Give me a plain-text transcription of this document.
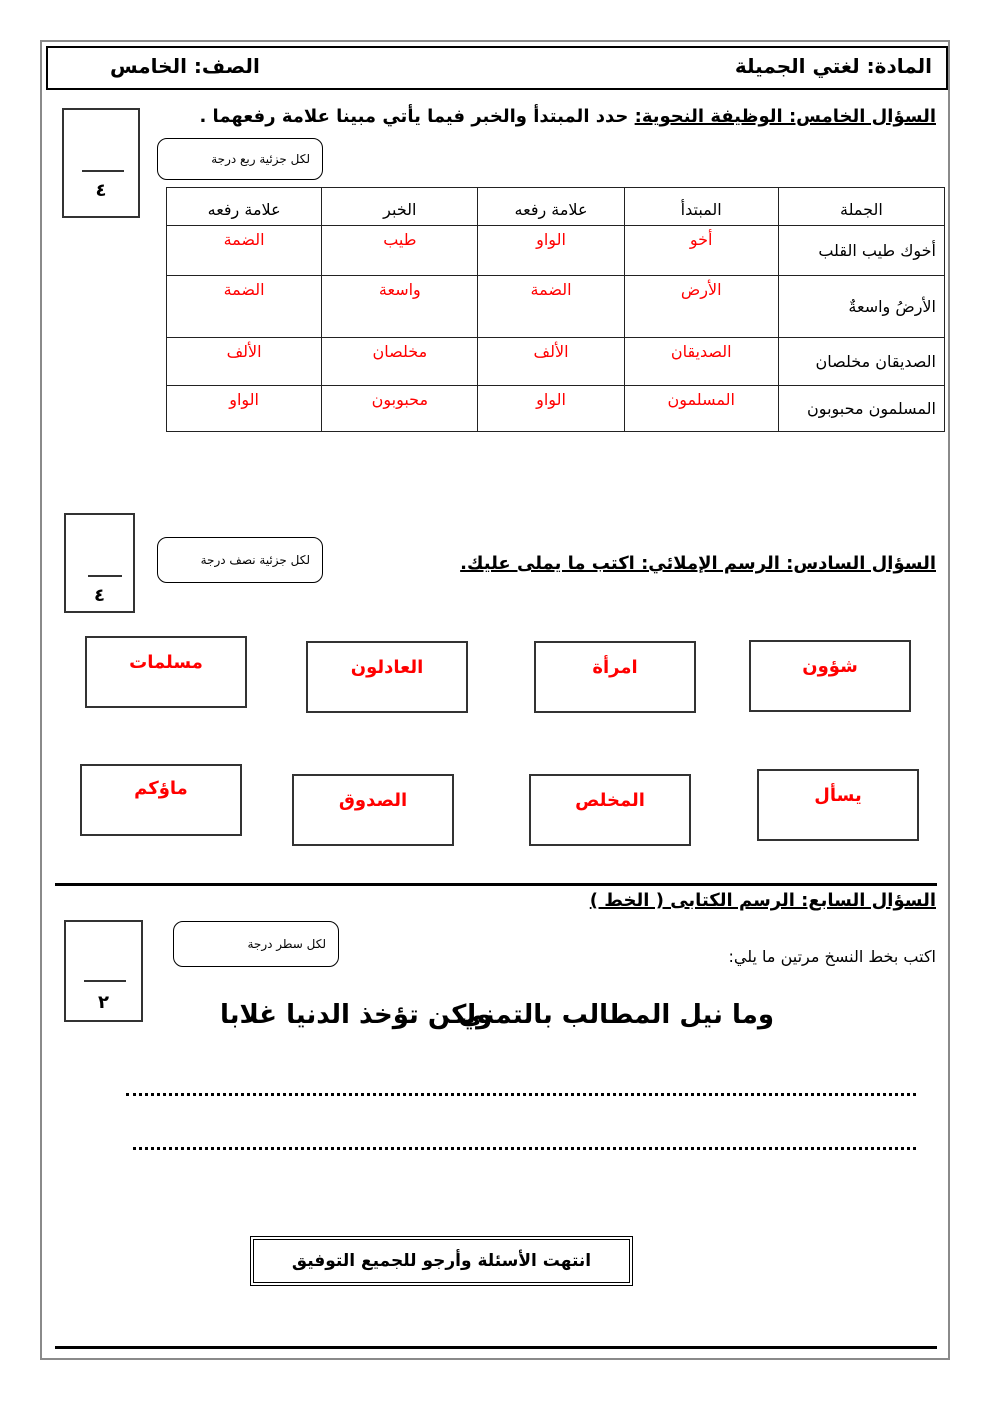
المادة: لغتي الجميلة
الصف: الخامس
السؤال الخامس: الوظيفة النحوية: حدد المبتدأ والخبر فيما يأتي مبينا علامة رفعهما .
٤
لكل جزئية ربع درجة
الجملة	المبتدأ	علامة رفعه	الخبر	علامة رفعه
أخوك طيب القلب	أخو	الواو	طيب	الضمة
الأرضُ واسعةٌ	الأرض	الضمة	واسعة	الضمة
الصديقان مخلصان	الصديقان	الألف	مخلصان	الألف
المسلمون محبوبون	المسلمون	الواو	محبوبون	الواو
٤
لكل جزئية نصف درجة	السؤال السادس: الرسم الإملائي: اكتب ما يملى عليك.
شؤون
امرأة
العادلون
مسلمات
يسأل
المخلص
الصدوق
ماؤكم
السؤال السابع: الرسم الكتابى ( الخط )
٢
لكل سطر درجة
اكتب بخط النسخ مرتين ما يلي:
وما نيل المطالب بالتمني
ولكن تؤخذ الدنيا غلابا
انتهت الأسئلة وأرجو للجميع التوفيق
